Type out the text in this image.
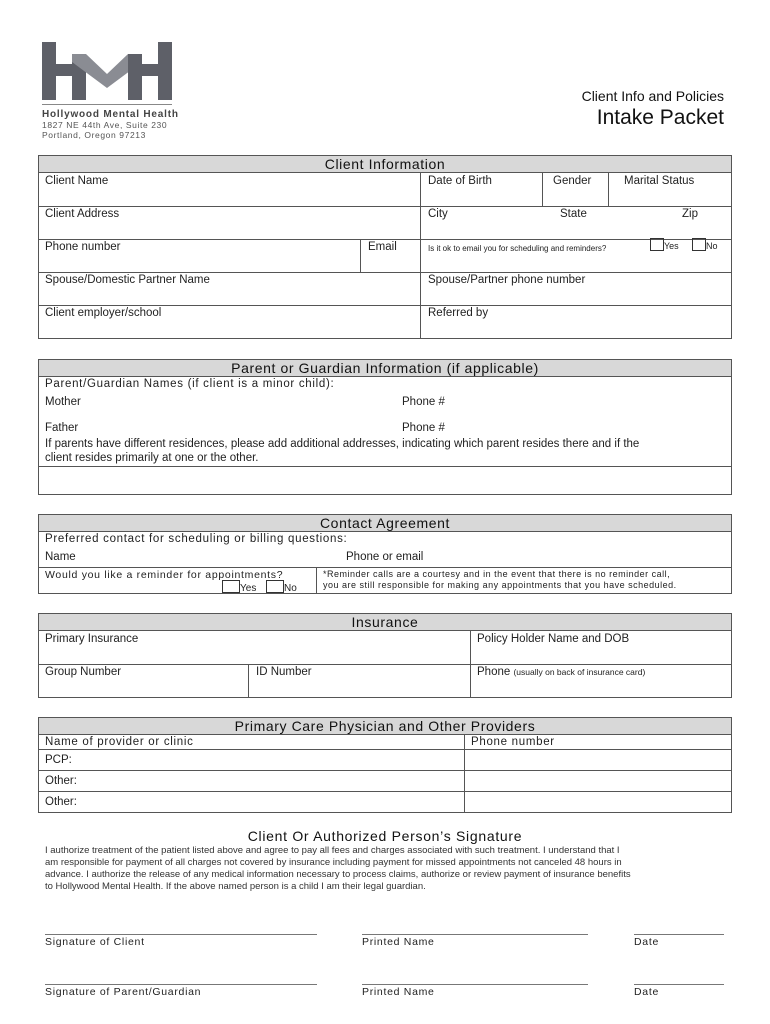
Hollywood Mental Health
1827 NE 44th Ave, Suite 230
Portland, Oregon 97213
Client Info and Policies
Intake Packet
Client Information
Client Name	Date of Birth	Gender	Marital Status
Client Address	City	State	Zip
Phone number	Email	Is it ok to email you for scheduling and reminders?	Yes	No
Spouse/Domestic Partner Name	Spouse/Partner phone number
Client employer/school	Referred by
Parent or Guardian Information (if applicable)
Parent/Guardian Names (if client is a minor child):
Mother	Phone #
Father	Phone #
If parents have different residences, please add additional addresses, indicating which parent resides there and if the
client resides primarily at one or the other.
Contact Agreement
Preferred contact for scheduling or billing questions:
Name	Phone or email
Would you like a reminder for appointments?
Yes	No
*Reminder calls are a courtesy and in the event that there is no reminder call,
you are still responsible for making any appointments that you have scheduled.
Insurance
Primary Insurance	Policy Holder Name and DOB
Group Number	ID Number	Phone (usually on back of insurance card)
Primary Care Physician and Other Providers
Name of provider or clinic	Phone number
PCP:
Other:
Other:
Client Or Authorized Person’s Signature
I authorize treatment of the patient listed above and agree to pay all fees and charges associated with such treatment. I understand that I
am responsible for payment of all charges not covered by insurance including payment for missed appointments not canceled 48 hours in
advance. I authorize the release of any medical information necessary to process claims, authorize or review payment of insurance benefits
to Hollywood Mental Health. If the above named person is a child I am their legal guardian.
Signature of Client	Printed Name	Date
Signature of Parent/Guardian	Printed Name	Date
